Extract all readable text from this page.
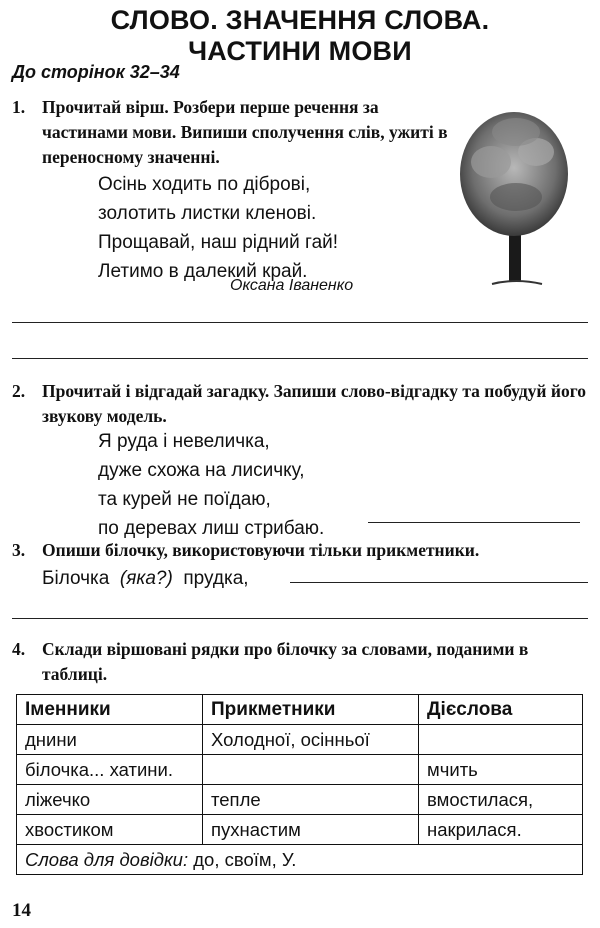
СЛОВО. ЗНАЧЕННЯ СЛОВА.
ЧАСТИНИ МОВИ
До сторінок 32–34
1. Прочитай вірш. Розбери перше речення за частинами мови. Випиши сполучення слів, ужиті в переносному значенні.
Осінь ходить по діброві,
золотить листки кленові.
Прощавай, наш рідний гай!
Летимо в далекий край.
Оксана Іваненко
2. Прочитай і відгадай загадку. Запиши слово-відгадку та побудуй його звукову модель.
Я руда і невеличка,
дуже схожа на лисичку,
та курей не поїдаю,
по деревах лиш стрибаю.
3. Опиши білочку, використовуючи тільки прикметники.
Білочка (яка?) прудка,
4. Склади віршовані рядки про білочку за словами, поданими в таблиці.
Іменники	Прикметники	Дієслова
днини	Холодної, осінньої	
білочка... хатини.		мчить
ліжечко	тепле	вмостилася,
хвостиком	пухнастим	накрилася.
Слова для довідки: до, своїм, У.		
14
